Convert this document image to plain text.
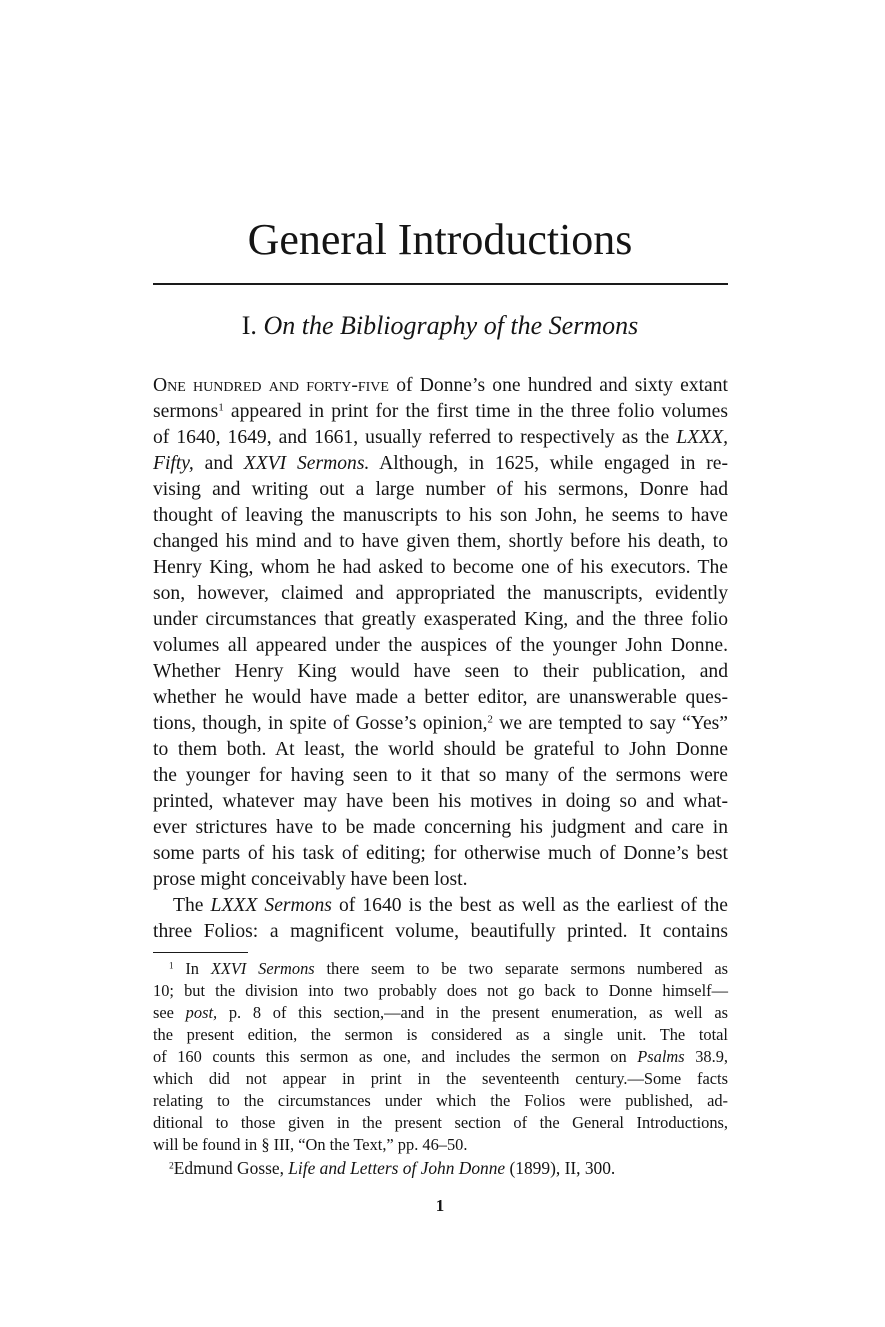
General Introductions
I. On the Bibliography of the Sermons
One hundred and forty-five of Donne’s one hundred and sixty extant
sermons$^1$ appeared in print for the first time in the three folio volumes
of 1640, 1649, and 1661, usually referred to respectively as the LXXX,
Fifty, and XXVI Sermons. Although, in 1625, while engaged in re-
vising and writing out a large number of his sermons, Donre had
thought of leaving the manuscripts to his son John, he seems to have
changed his mind and to have given them, shortly before his death, to
Henry King, whom he had asked to become one of his executors. The
son, however, claimed and appropriated the manuscripts, evidently
under circumstances that greatly exasperated King, and the three folio
volumes all appeared under the auspices of the younger John Donne.
Whether Henry King would have seen to their publication, and
whether he would have made a better editor, are unanswerable ques-
tions, though, in spite of Gosse’s opinion,$^2$ we are tempted to say “Yes”
to them both. At least, the world should be grateful to John Donne
the younger for having seen to it that so many of the sermons were
printed, whatever may have been his motives in doing so and what-
ever strictures have to be made concerning his judgment and care in
some parts of his task of editing; for otherwise much of Donne’s best
prose might conceivably have been lost.
The LXXX Sermons of 1640 is the best as well as the earliest of the
three Folios: a magnificent volume, beautifully printed. It contains
$^1$ In XXVI Sermons there seem to be two separate sermons numbered as
10; but the division into two probably does not go back to Donne himself—
see post, p. 8 of this section,—and in the present enumeration, as well as
the present edition, the sermon is considered as a single unit. The total
of 160 counts this sermon as one, and includes the sermon on Psalms 38.9,
which did not appear in print in the seventeenth century.—Some facts
relating to the circumstances under which the Folios were published, ad-
ditional to those given in the present section of the General Introductions,
will be found in § III, “On the Text,” pp. 46–50.
$^2$Edmund Gosse, Life and Letters of John Donne (1899), II, 300.
1
